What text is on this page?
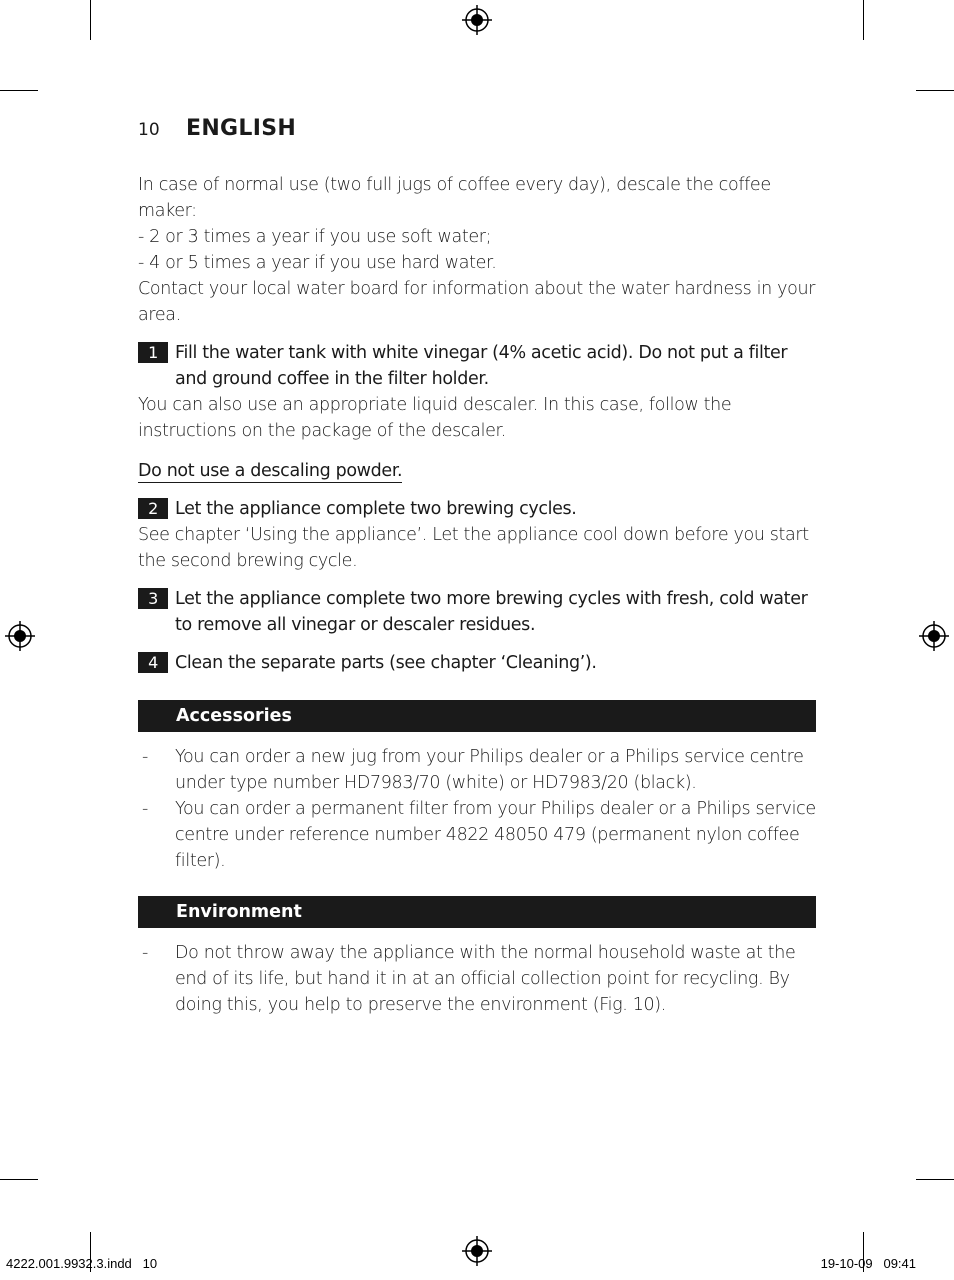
10	ENGLISH

In case of normal use (two full jugs of coffee every day), descale the coffee maker:

- 2 or 3 times a year if you use soft water;

- 4 or 5 times a year if you use hard water.

Contact your local water board for information about the water hardness in your area.

1 Fill the water tank with white vinegar (4% acetic acid). Do not put a filter and ground coffee in the filter holder.

You can also use an appropriate liquid descaler. In this case, follow the instructions on the package of the descaler.

Do not use a descaling powder.
2 Let the appliance complete two brewing cycles.

See chapter ‘Using the appliance’. Let the appliance cool down before you start the second brewing cycle.

3 Let the appliance complete two more brewing cycles with fresh, cold water to remove all vinegar or descaler residues.
4 Clean the separate parts (see chapter ‘Cleaning’).
Accessories
-	You can order a new jug from your Philips dealer or a Philips service centre under type number HD7983/70 (white) or HD7983/20 (black).
-	You can order a permanent filter from your Philips dealer or a Philips service centre under reference number 4822 48050 479 (permanent nylon coffee filter).
Environment
-	Do not throw away the appliance with the normal household waste at the end of its life, but hand it in at an official collection point for recycling. By doing this, you help to preserve the environment (Fig. 10).
4222.001.9932.3.indd   10	19-10-09   09:41
